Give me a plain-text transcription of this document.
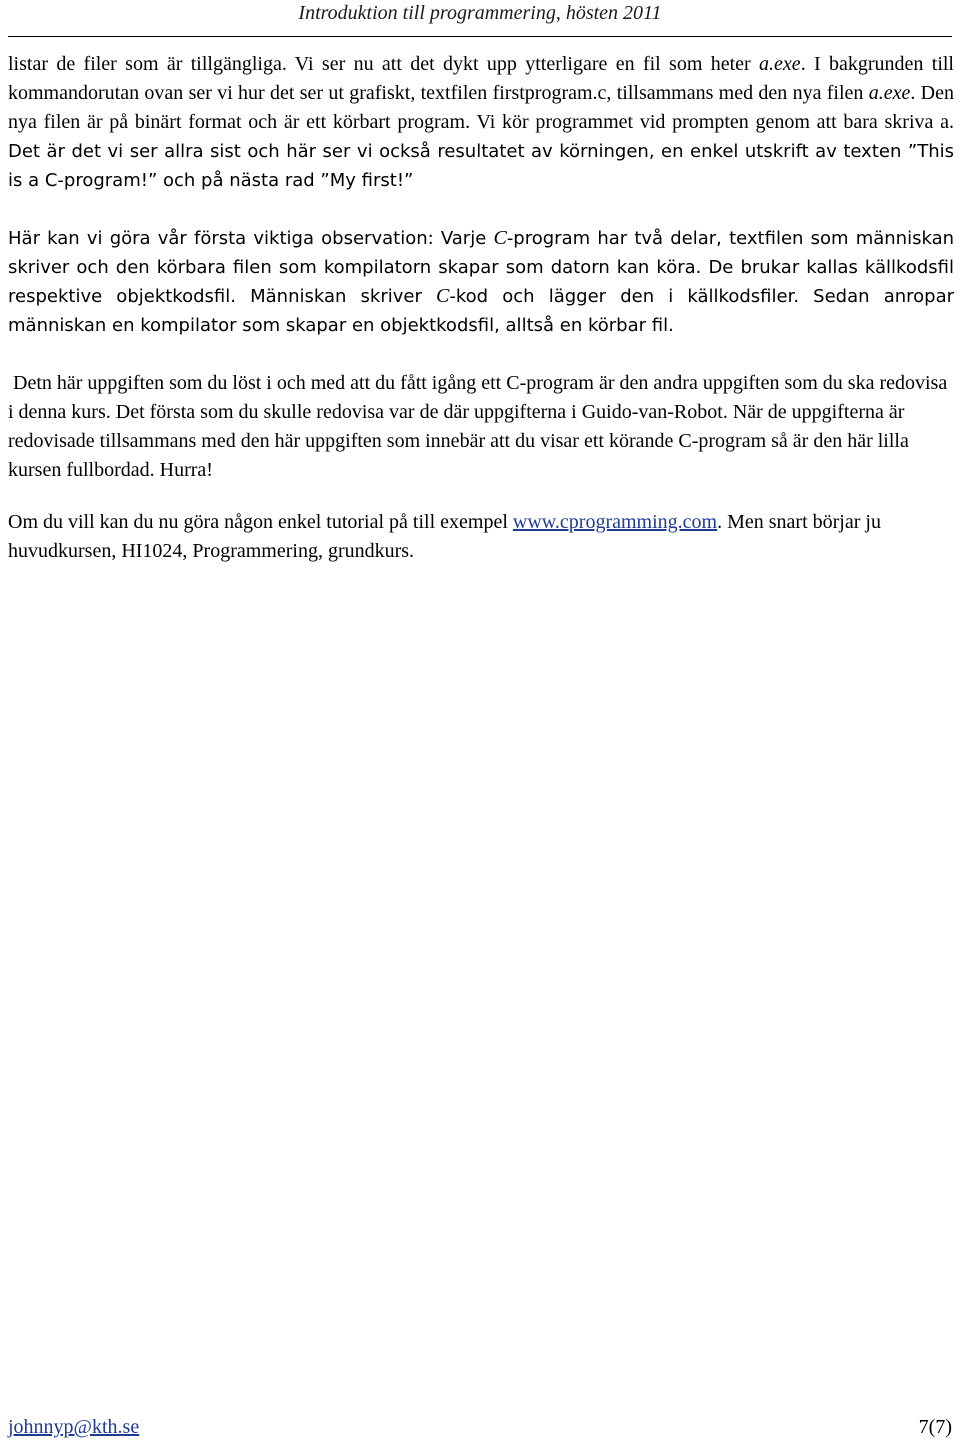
Introduktion till programmering, hösten 2011

listar de filer som är tillgängliga. Vi ser nu att det dykt upp ytterligare en fil som heter a.exe. I bakgrunden till kommandorutan ovan ser vi hur det ser ut grafiskt, textfilen firstprogram.c, tillsammans med den nya filen a.exe. Den nya filen är på binärt format och är ett körbart program. Vi kör programmet vid prompten genom att bara skriva a. Det är det vi ser allra sist och här ser vi också resultatet av körningen, en enkel utskrift av texten ”This is a C-program!” och på nästa rad ”My first!”

Här kan vi göra vår första viktiga observation: Varje C-program har två delar, textfilen som människan skriver och den körbara filen som kompilatorn skapar som datorn kan köra. De brukar kallas källkodsfil respektive objektkodsfil. Människan skriver C-kod och lägger den i källkodsfiler. Sedan anropar människan en kompilator som skapar en objektkodsfil, alltså en körbar fil.

Detn här uppgiften som du löst i och med att du fått igång ett C-program är den andra uppgiften som du ska redovisa i denna kurs. Det första som du skulle redovisa var de där uppgifterna i Guido-van-Robot. När de uppgifterna är redovisade tillsammans med den här uppgiften som innebär att du visar ett körande C-program så är den här lilla kursen fullbordad. Hurra!

Om du vill kan du nu göra någon enkel tutorial på till exempel www.cprogramming.com. Men snart börjar ju huvudkursen, HI1024, Programmering, grundkurs.

johnnyp@kth.se	7(7)
